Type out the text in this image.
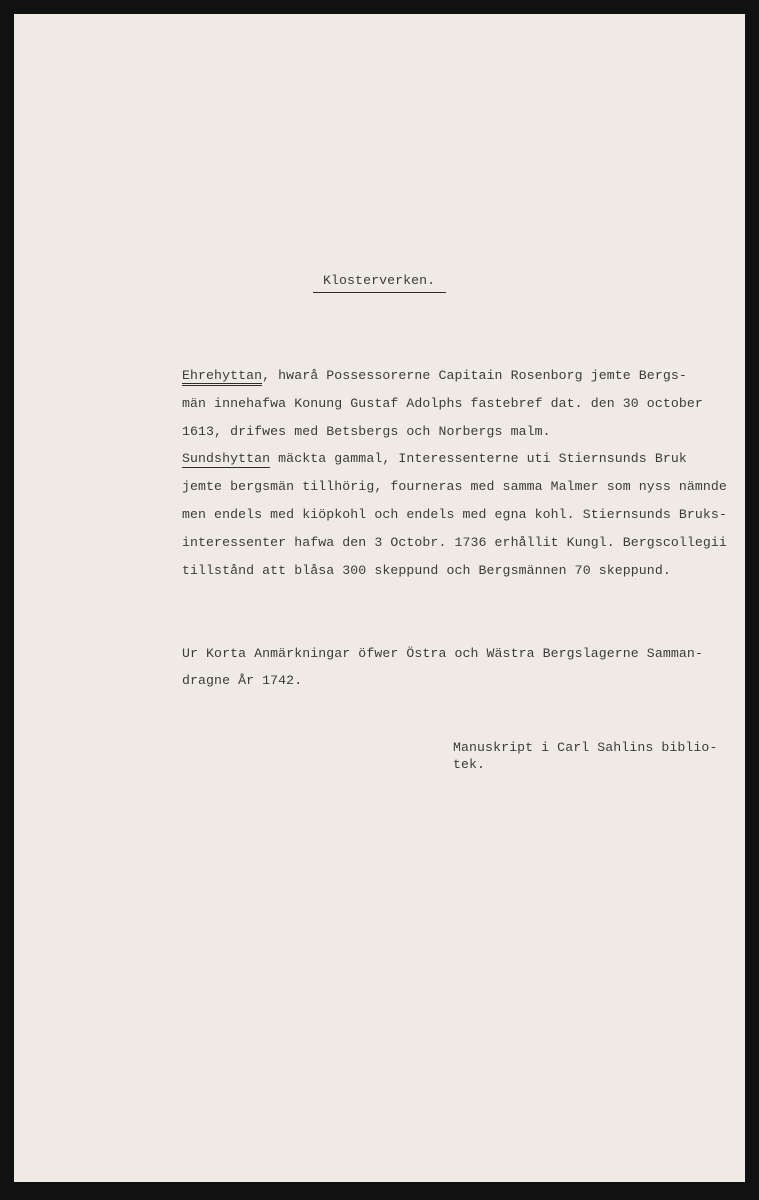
Klosterverken.
Ehrehyttan, hwarå Possessorerne Capitain Rosenborg jemte Bergs-
män innehafwa Konung Gustaf Adolphs fastebref dat. den 30 october
1613, drifwes med Betsbergs och Norbergs malm.
Sundshyttan mäckta gammal, Interessenterne uti Stiernsunds Bruk
jemte bergsmän tillhörig, fourneras med samma Malmer som nyss nämnde
men endels med kiöpkohl och endels med egna kohl. Stiernsunds Bruks-
interessenter hafwa den 3 Octobr. 1736 erhållit Kungl. Bergscollegii
tillstånd att blåsa 300 skeppund och Bergsmännen 70 skeppund.
Ur Korta Anmärkningar öfwer Östra och Wästra Bergslagerne Samman-
dragne År 1742.
Manuskript i Carl Sahlins biblio-
tek.
